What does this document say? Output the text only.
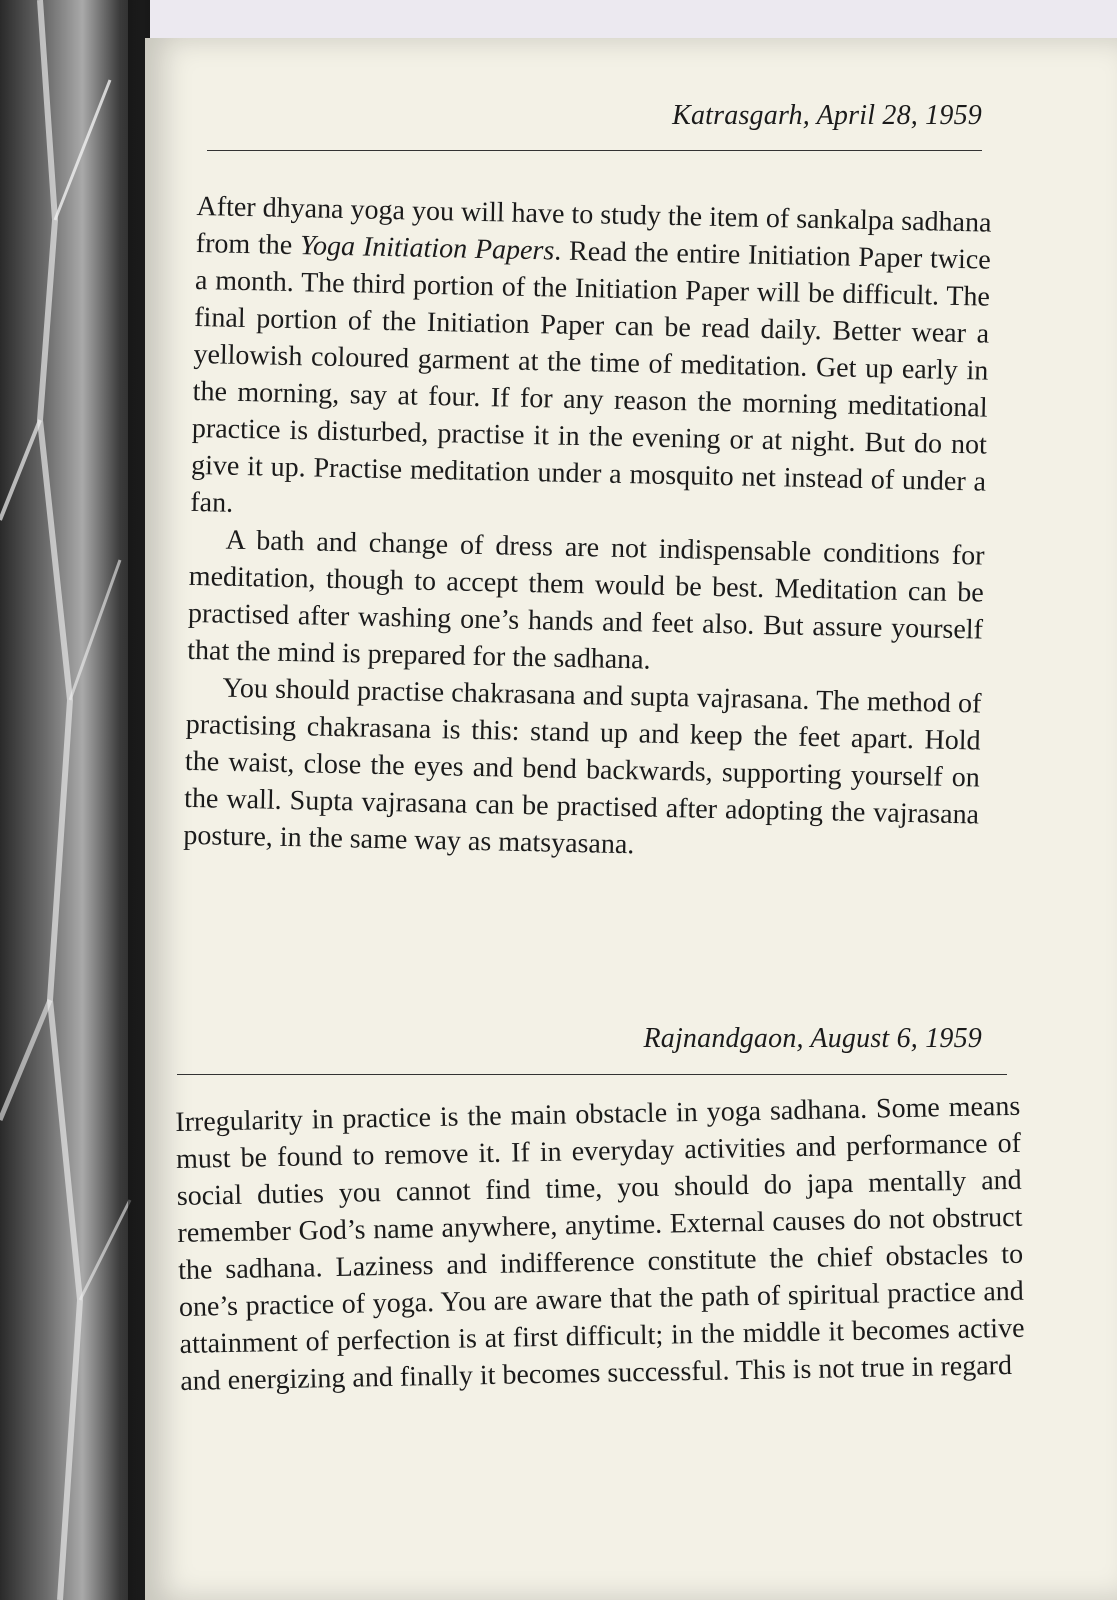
Katrasgarh, April 28, 1959

After dhyana yoga you will have to study the item of sankalpa sadhana from the Yoga Initiation Papers. Read the entire Initiation Paper twice a month. The third portion of the Initiation Paper will be difficult. The final portion of the Initiation Paper can be read daily. Better wear a yellowish coloured garment at the time of meditation. Get up early in the morning, say at four. If for any reason the morning meditational practice is disturbed, practise it in the evening or at night. But do not give it up. Practise meditation under a mosquito net instead of under a fan.

A bath and change of dress are not indispensable conditions for meditation, though to accept them would be best. Meditation can be practised after washing one’s hands and feet also. But assure yourself that the mind is prepared for the sadhana.

You should practise chakrasana and supta vajrasana. The method of practising chakrasana is this: stand up and keep the feet apart. Hold the waist, close the eyes and bend backwards, supporting yourself on the wall. Supta vajrasana can be practised after adopting the vajrasana posture, in the same way as matsyasana.

Rajnandgaon, August 6, 1959

Irregularity in practice is the main obstacle in yoga sadhana. Some means must be found to remove it. If in everyday activities and performance of social duties you cannot find time, you should do japa mentally and remember God’s name anywhere, anytime. External causes do not obstruct the sadhana. Laziness and indifference constitute the chief obstacles to one’s practice of yoga. You are aware that the path of spiritual practice and attainment of perfection is at first difficult; in the middle it becomes active and energizing and finally it becomes successful. This is not true in regard
